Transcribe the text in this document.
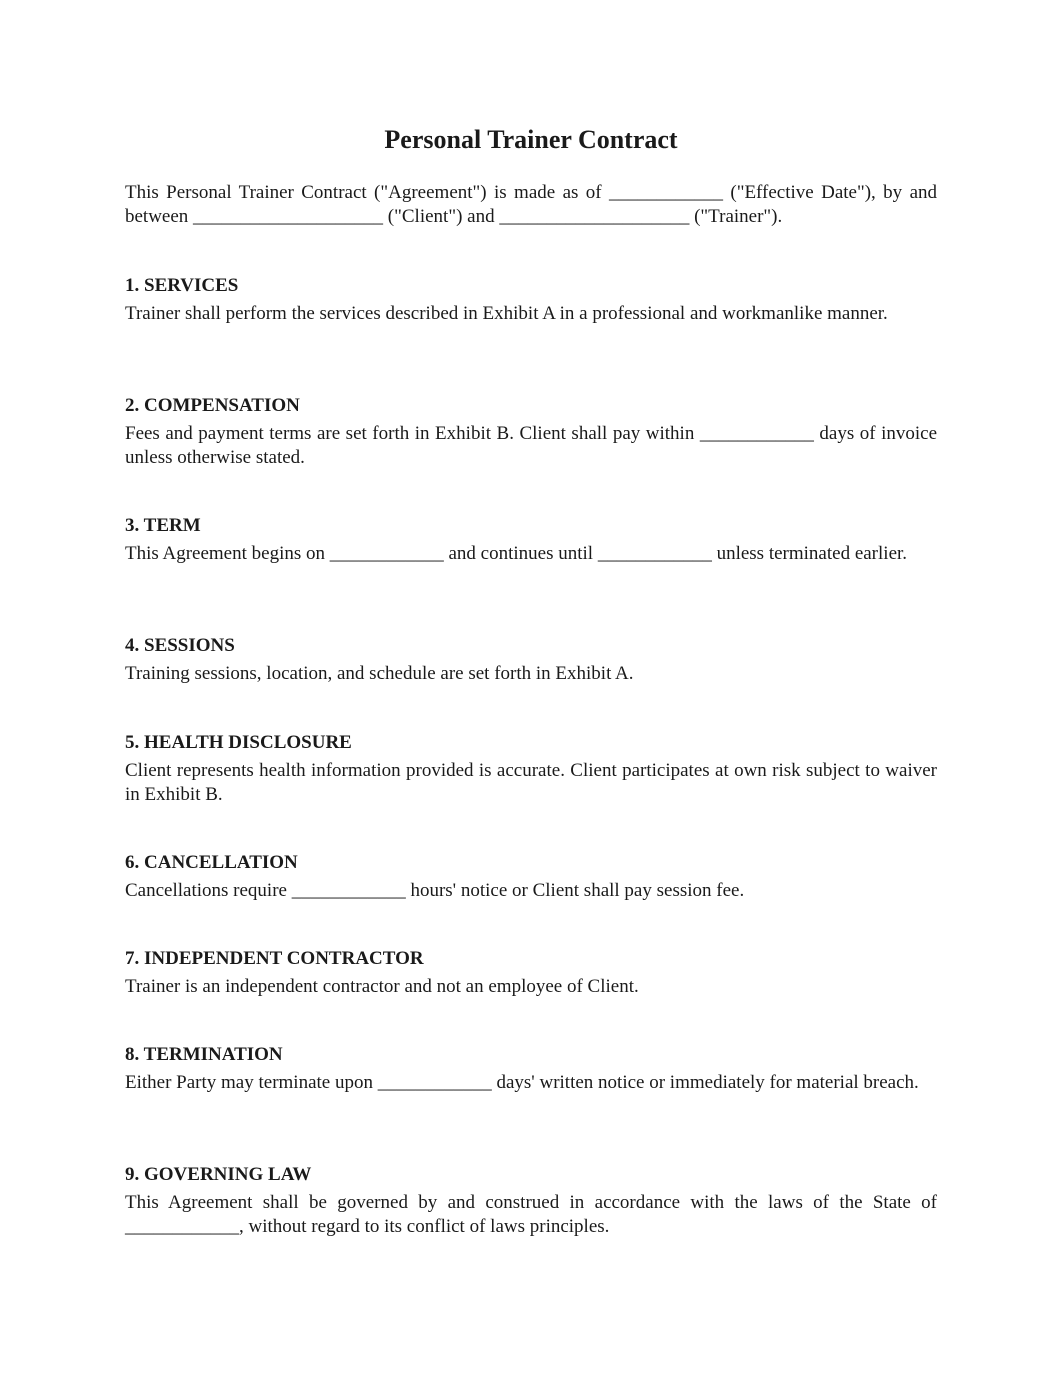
Personal Trainer Contract

This Personal Trainer Contract ("Agreement") is made as of ____________ ("Effective Date"), by and between ____________________ ("Client") and ____________________ ("Trainer").

1. SERVICES

Trainer shall perform the services described in Exhibit A in a professional and workmanlike manner.

2. COMPENSATION

Fees and payment terms are set forth in Exhibit B. Client shall pay within ____________ days of invoice unless otherwise stated.

3. TERM

This Agreement begins on ____________ and continues until ____________ unless terminated earlier.

4. SESSIONS

Training sessions, location, and schedule are set forth in Exhibit A.

5. HEALTH DISCLOSURE

Client represents health information provided is accurate. Client participates at own risk subject to waiver in Exhibit B.

6. CANCELLATION

Cancellations require ____________ hours' notice or Client shall pay session fee.

7. INDEPENDENT CONTRACTOR

Trainer is an independent contractor and not an employee of Client.

8. TERMINATION

Either Party may terminate upon ____________ days' written notice or immediately for material breach.

9. GOVERNING LAW

This Agreement shall be governed by and construed in accordance with the laws of the State of ____________, without regard to its conflict of laws principles.
